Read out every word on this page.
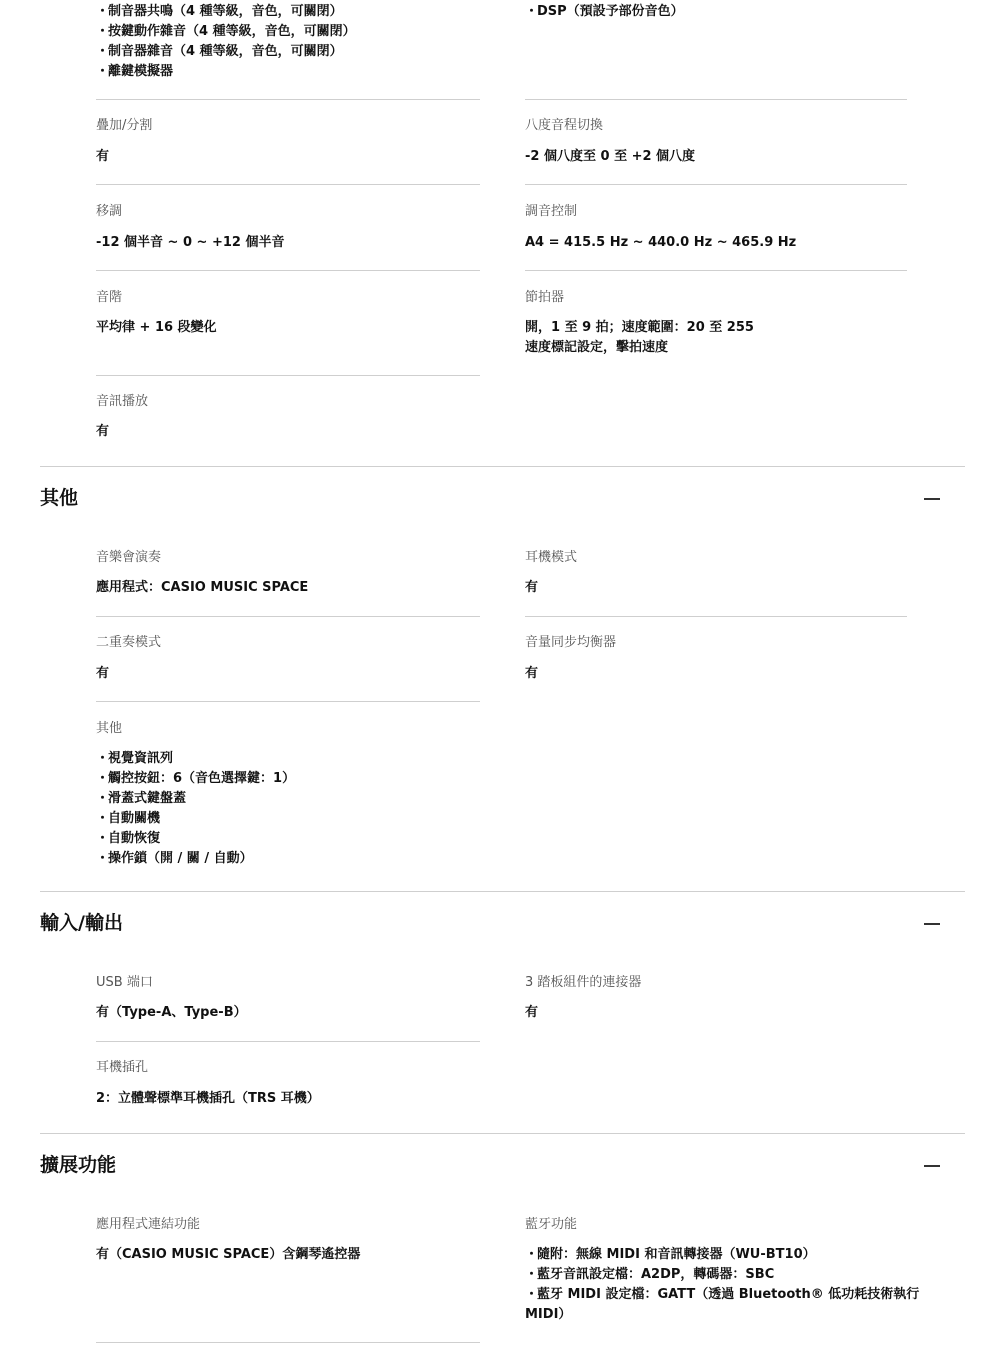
・制音器共鳴（4 種等級，音色，可關閉）
・按鍵動作雜音（4 種等級，音色，可關閉）
・制音器雜音（4 種等級，音色，可關閉）
・離鍵模擬器
・DSP（預設予部份音色）
疊加/分割
有
八度音程切換
-2 個八度至 0 至 +2 個八度
移調
-12 個半音 ~ 0 ~ +12 個半音
調音控制
A4 = 415.5 Hz ~ 440.0 Hz ~ 465.9 Hz
音階
平均律 + 16 段變化
節拍器
開，1 至 9 拍；速度範圍：20 至 255
速度標記設定，擊拍速度
音訊播放
有
其他
音樂會演奏
應用程式：CASIO MUSIC SPACE
耳機模式
有
二重奏模式
有
音量同步均衡器
有
其他
・視覺資訊列
・觸控按鈕：6（音色選擇鍵：1）
・滑蓋式鍵盤蓋
・自動關機
・自動恢復
・操作鎖（開 / 關 / 自動）
輸入/輸出
USB 端口
有（Type-A、Type-B）
3 踏板組件的連接器
有
耳機插孔
2：立體聲標準耳機插孔（TRS 耳機）
擴展功能
應用程式連結功能
有（CASIO MUSIC SPACE）含鋼琴遙控器
藍牙功能
・隨附：無線 MIDI 和音訊轉接器（WU-BT10）
・藍牙音訊設定檔：A2DP，轉碼器：SBC
・藍牙 MIDI 設定檔：GATT（透過 Bluetooth® 低功耗技術執行
MIDI）
